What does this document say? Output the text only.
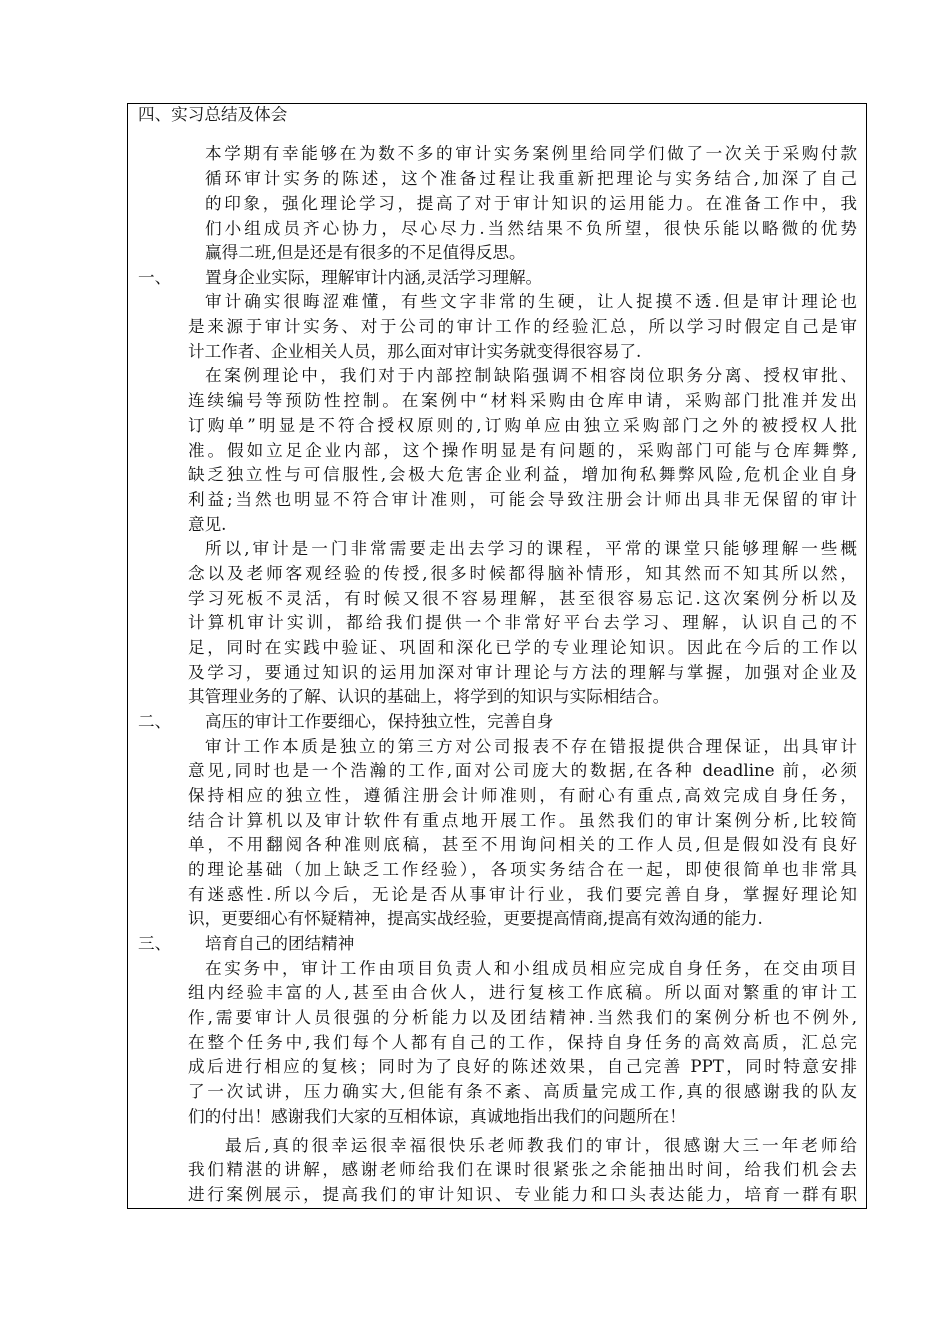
四、实习总结及体会
本学期有幸能够在为数不多的审计实务案例里给同学们做了一次关于采购付款
循环审计实务的陈述，这个准备过程让我重新把理论与实务结合,加深了自己
的印象，强化理论学习，提高了对于审计知识的运用能力。在准备工作中，我
们小组成员齐心协力，尽心尽力.当然结果不负所望，很快乐能以略微的优势
赢得二班,但是还是有很多的不足值得反思。
一、 置身企业实际，理解审计内涵,灵活学习理解。
审计确实很晦涩难懂，有些文字非常的生硬，让人捉摸不透.但是审计理论也
是来源于审计实务、对于公司的审计工作的经验汇总，所以学习时假定自己是审
计工作者、企业相关人员，那么面对审计实务就变得很容易了.
在案例理论中，我们对于内部控制缺陷强调不相容岗位职务分离、授权审批、
连续编号等预防性控制。在案例中“材料采购由仓库申请，采购部门批准并发出
订购单”明显是不符合授权原则的,订购单应由独立采购部门之外的被授权人批
准。假如立足企业内部，这个操作明显是有问题的，采购部门可能与仓库舞弊,
缺乏独立性与可信服性,会极大危害企业利益，增加徇私舞弊风险,危机企业自身
利益;当然也明显不符合审计准则，可能会导致注册会计师出具非无保留的审计
意见.
所以,审计是一门非常需要走出去学习的课程，平常的课堂只能够理解一些概
念以及老师客观经验的传授,很多时候都得脑补情形，知其然而不知其所以然，
学习死板不灵活，有时候又很不容易理解，甚至很容易忘记.这次案例分析以及
计算机审计实训，都给我们提供一个非常好平台去学习、理解，认识自己的不
足，同时在实践中验证、巩固和深化已学的专业理论知识。因此在今后的工作以
及学习，要通过知识的运用加深对审计理论与方法的理解与掌握，加强对企业及
其管理业务的了解、认识的基础上，将学到的知识与实际相结合。
二、 高压的审计工作要细心，保持独立性，完善自身
审计工作本质是独立的第三方对公司报表不存在错报提供合理保证，出具审计
意见,同时也是一个浩瀚的工作,面对公司庞大的数据,在各种 deadline 前，必须
保持相应的独立性，遵循注册会计师准则，有耐心有重点,高效完成自身任务，
结合计算机以及审计软件有重点地开展工作。虽然我们的审计案例分析,比较简
单，不用翻阅各种准则底稿，甚至不用询问相关的工作人员,但是假如没有良好
的理论基础（加上缺乏工作经验），各项实务结合在一起，即使很简单也非常具
有迷惑性.所以今后，无论是否从事审计行业，我们要完善自身，掌握好理论知
识，更要细心有怀疑精神，提高实战经验，更要提高情商,提高有效沟通的能力.
三、 培育自己的团结精神
在实务中，审计工作由项目负责人和小组成员相应完成自身任务，在交由项目
组内经验丰富的人,甚至由合伙人，进行复核工作底稿。所以面对繁重的审计工
作,需要审计人员很强的分析能力以及团结精神.当然我们的案例分析也不例外,
在整个任务中,我们每个人都有自己的工作，保持自身任务的高效高质，汇总完
成后进行相应的复核；同时为了良好的陈述效果，自己完善 PPT，同时特意安排
了一次试讲，压力确实大,但能有条不紊、高质量完成工作,真的很感谢我的队友
们的付出！感谢我们大家的互相体谅，真诚地指出我们的问题所在！
最后,真的很幸运很幸福很快乐老师教我们的审计，很感谢大三一年老师给
我们精湛的讲解，感谢老师给我们在课时很紧张之余能抽出时间，给我们机会去
进行案例展示，提高我们的审计知识、专业能力和口头表达能力，培育一群有职
